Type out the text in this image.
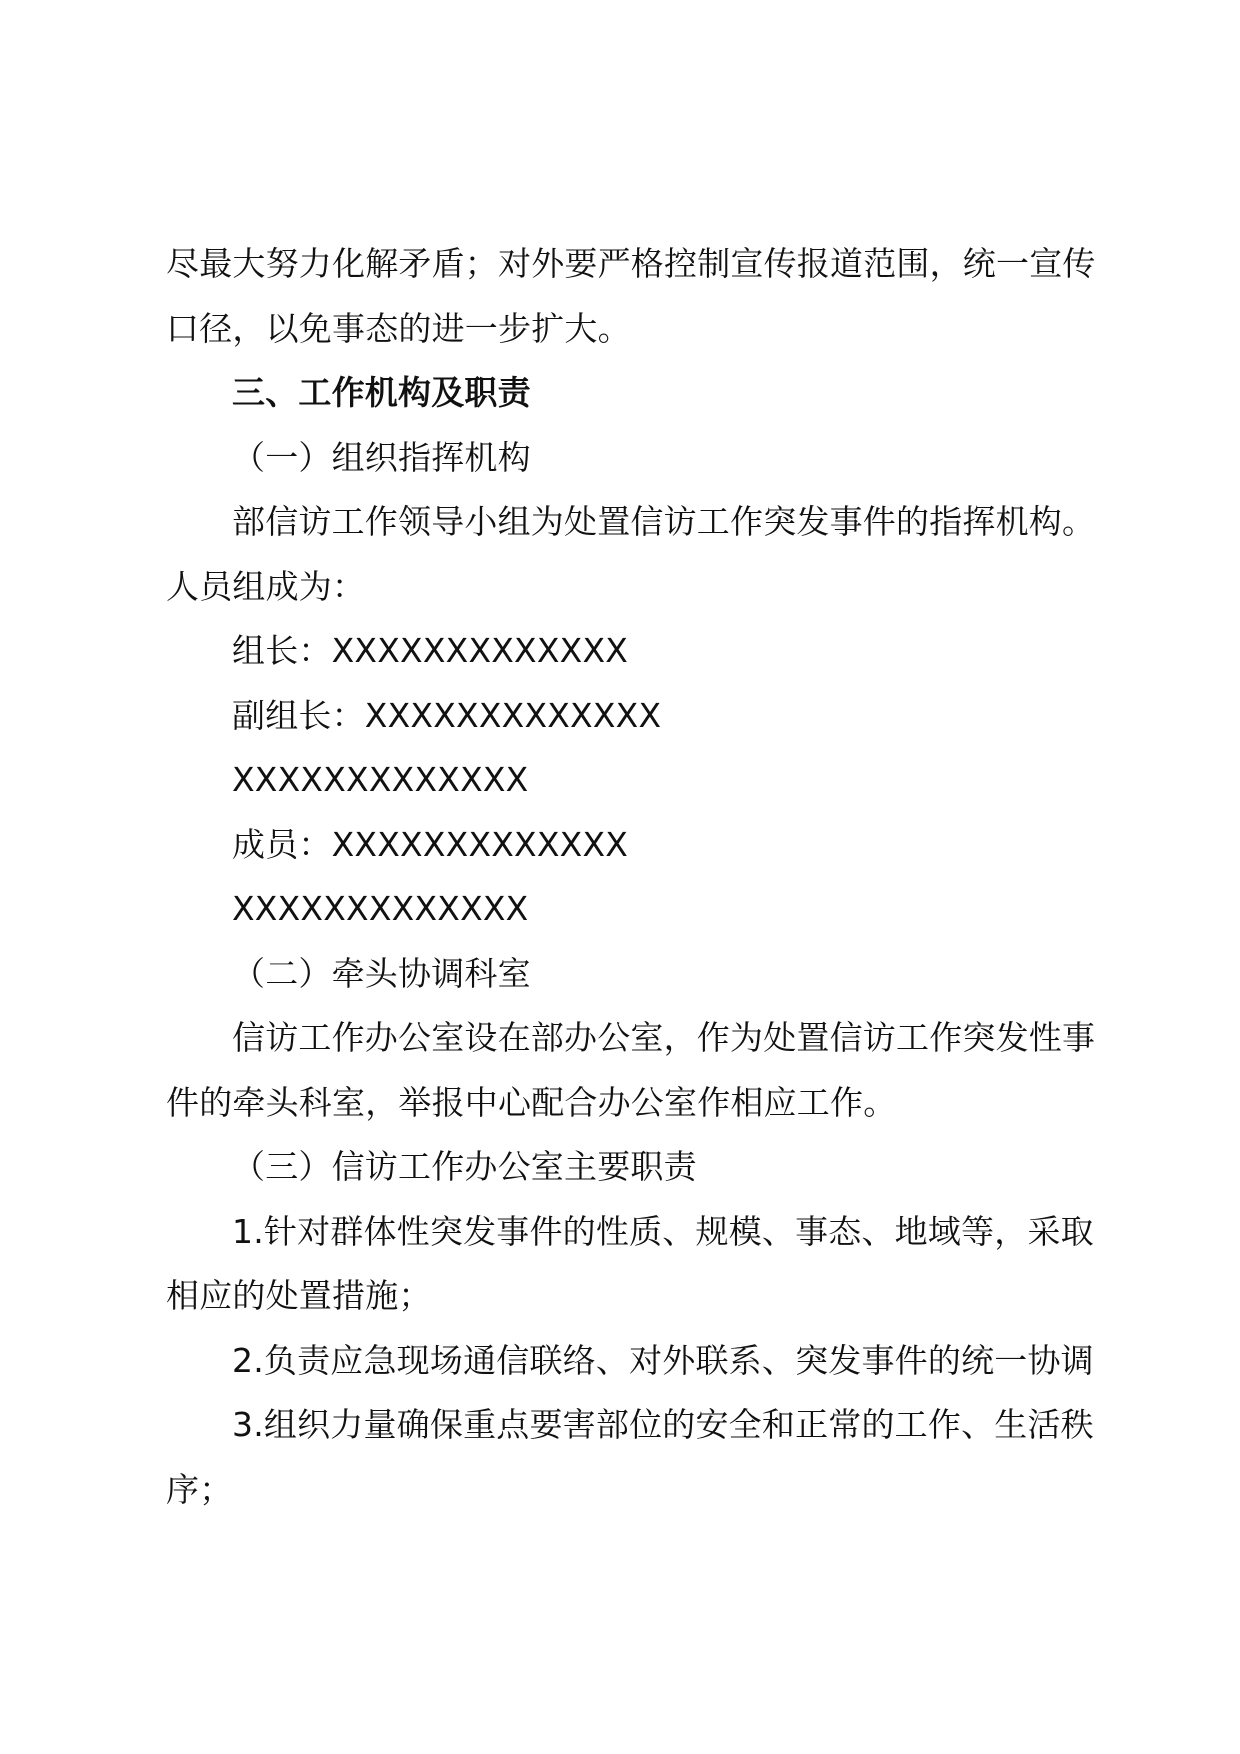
尽最大努力化解矛盾；对外要严格控制宣传报道范围，统一宣传
口径，以免事态的进一步扩大。
三、工作机构及职责
（一）组织指挥机构
部信访工作领导小组为处置信访工作突发事件的指挥机构。
人员组成为：
组长：XXXXXXXXXXXXX
副组长：XXXXXXXXXXXXX
XXXXXXXXXXXXX
成员：XXXXXXXXXXXXX
XXXXXXXXXXXXX
（二）牵头协调科室
信访工作办公室设在部办公室，作为处置信访工作突发性事
件的牵头科室，举报中心配合办公室作相应工作。
（三）信访工作办公室主要职责
1.针对群体性突发事件的性质、规模、事态、地域等，采取
相应的处置措施；
2.负责应急现场通信联络、对外联系、突发事件的统一协调
3.组织力量确保重点要害部位的安全和正常的工作、生活秩
序；
